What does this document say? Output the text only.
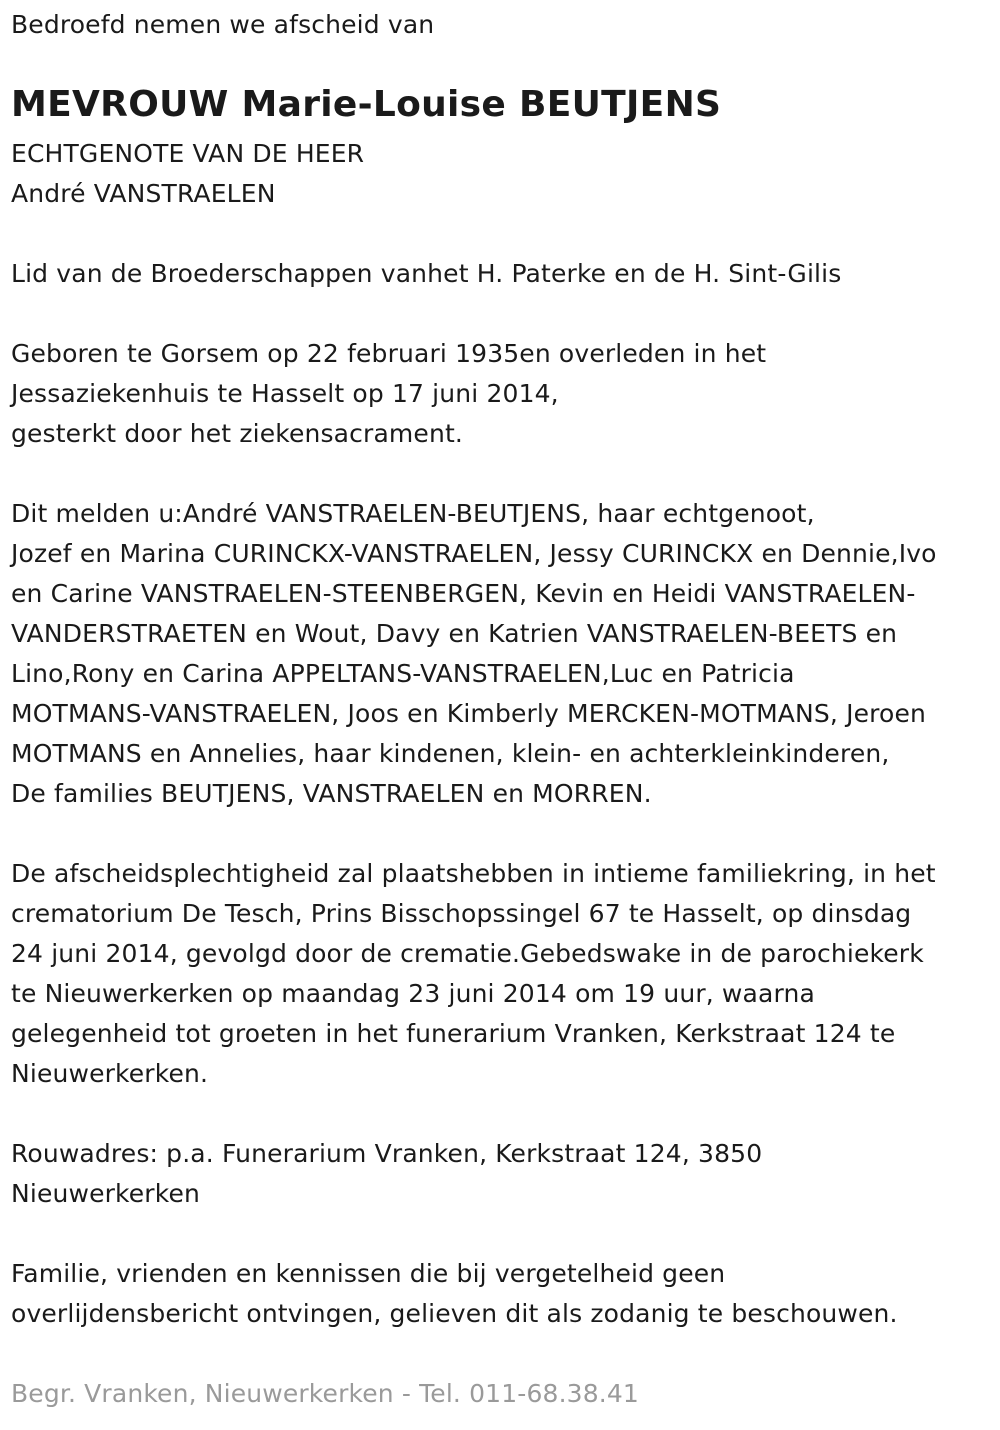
Bedroefd nemen we afscheid van
MEVROUW Marie-Louise BEUTJENS
ECHTGENOTE VAN DE HEER
André VANSTRAELEN
Lid van de Broederschappen vanhet H. Paterke en de H. Sint-Gilis
Geboren te Gorsem op 22 februari 1935en overleden in het
Jessaziekenhuis te Hasselt op 17 juni 2014,
gesterkt door het ziekensacrament.
Dit melden u:André VANSTRAELEN-BEUTJENS, haar echtgenoot,
Jozef en Marina CURINCKX-VANSTRAELEN, Jessy CURINCKX en Dennie,Ivo
en Carine VANSTRAELEN-STEENBERGEN, Kevin en Heidi VANSTRAELEN-
VANDERSTRAETEN en Wout, Davy en Katrien VANSTRAELEN-BEETS en
Lino,Rony en Carina APPELTANS-VANSTRAELEN,Luc en Patricia
MOTMANS-VANSTRAELEN, Joos en Kimberly MERCKEN-MOTMANS, Jeroen
MOTMANS en Annelies, haar kindenen, klein- en achterkleinkinderen,
De families BEUTJENS, VANSTRAELEN en MORREN.
De afscheidsplechtigheid zal plaatshebben in intieme familiekring, in het
crematorium De Tesch, Prins Bisschopssingel 67 te Hasselt, op dinsdag
24 juni 2014, gevolgd door de crematie.Gebedswake in de parochiekerk
te Nieuwerkerken op maandag 23 juni 2014 om 19 uur, waarna
gelegenheid tot groeten in het funerarium Vranken, Kerkstraat 124 te
Nieuwerkerken.
Rouwadres: p.a. Funerarium Vranken, Kerkstraat 124, 3850
Nieuwerkerken
Familie, vrienden en kennissen die bij vergetelheid geen
overlijdensbericht ontvingen, gelieven dit als zodanig te beschouwen.
Begr. Vranken, Nieuwerkerken - Tel. 011-68.38.41
